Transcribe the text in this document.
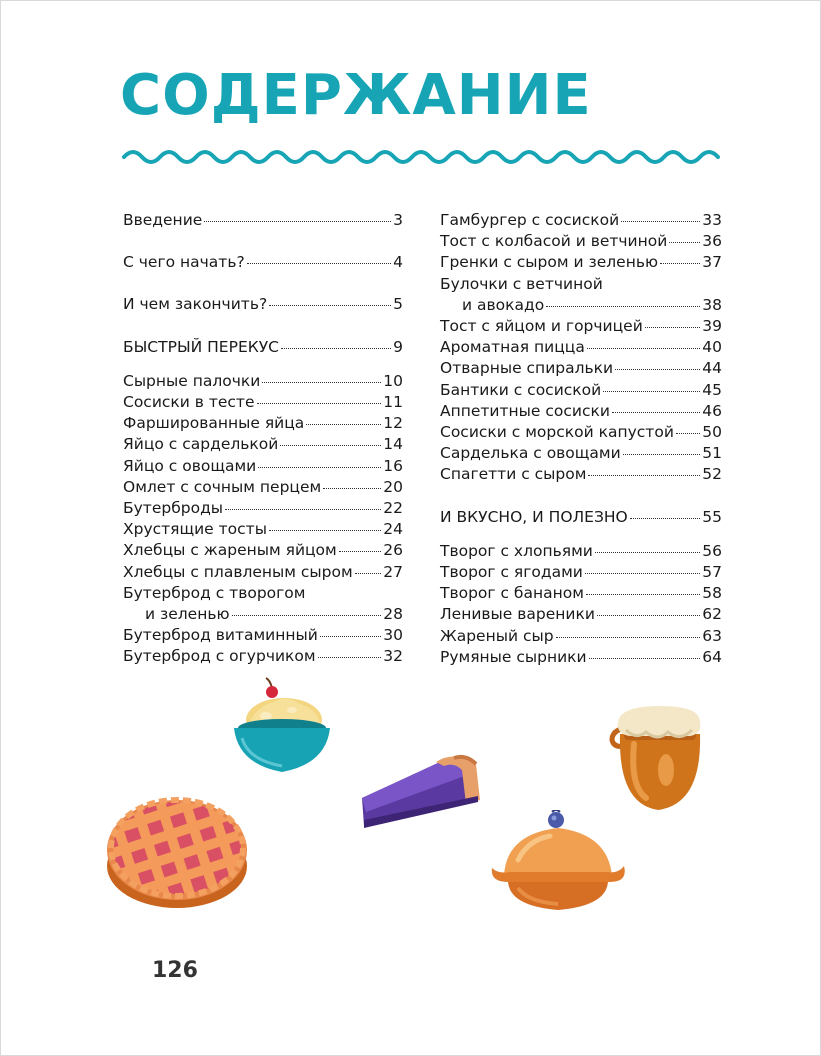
СОДЕРЖАНИЕ
Введение	3
С чего начать?	4
И чем закончить?	5
БЫСТРЫЙ ПЕРЕКУС	9
Сырные палочки	10
Сосиски в тесте	11
Фаршированные яйца	12
Яйцо с сарделькой	14
Яйцо с овощами	16
Омлет с сочным перцем	20
Бутерброды	22
Хрустящие тосты	24
Хлебцы с жареным яйцом	26
Хлебцы с плавленым сыром 27
Бутерброд с творогом
и зеленью	28
Бутерброд витаминный	30
Бутерброд с огурчиком	32
Гамбургер с сосиской	33
Тост с колбасой и ветчиной 36
Гренки с сыром и зеленью	37
Булочки с ветчиной
и авокадо	38
Тост с яйцом и горчицей	39
Ароматная пицца	40
Отварные спиральки	44
Бантики с сосиской	45
Аппетитные сосиски	46
Сосиски с морской капустой 50
Сарделька с овощами	51
Спагетти с сыром	52
И ВКУСНО, И ПОЛЕЗНО	55
Творог с хлопьями	56
Творог с ягодами	57
Творог с бананом	58
Ленивые вареники	62
Жареный сыр	63
Румяные сырники	64
126
